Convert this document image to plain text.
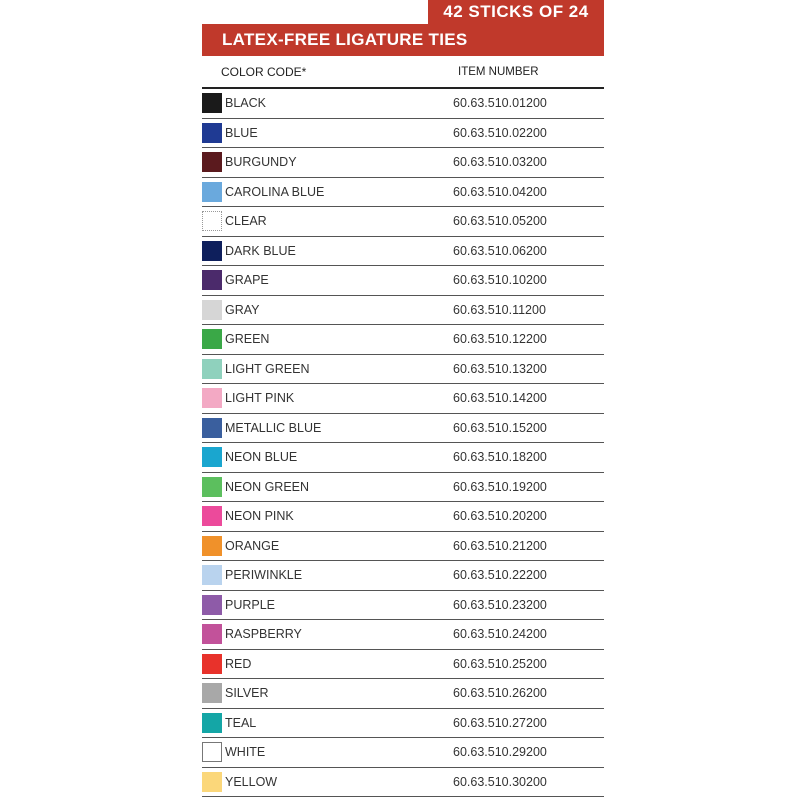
42 STICKS OF 24
LATEX-FREE LIGATURE TIES
COLOR CODE*	ITEM NUMBER
BLACK	60.63.510.01200
BLUE	60.63.510.02200
BURGUNDY	60.63.510.03200
CAROLINA BLUE	60.63.510.04200
CLEAR	60.63.510.05200
DARK BLUE	60.63.510.06200
GRAPE	60.63.510.10200
GRAY	60.63.510.11200
GREEN	60.63.510.12200
LIGHT GREEN	60.63.510.13200
LIGHT PINK	60.63.510.14200
METALLIC BLUE	60.63.510.15200
NEON BLUE	60.63.510.18200
NEON GREEN	60.63.510.19200
NEON PINK	60.63.510.20200
ORANGE	60.63.510.21200
PERIWINKLE	60.63.510.22200
PURPLE	60.63.510.23200
RASPBERRY	60.63.510.24200
RED	60.63.510.25200
SILVER	60.63.510.26200
TEAL	60.63.510.27200
WHITE	60.63.510.29200
YELLOW	60.63.510.30200
